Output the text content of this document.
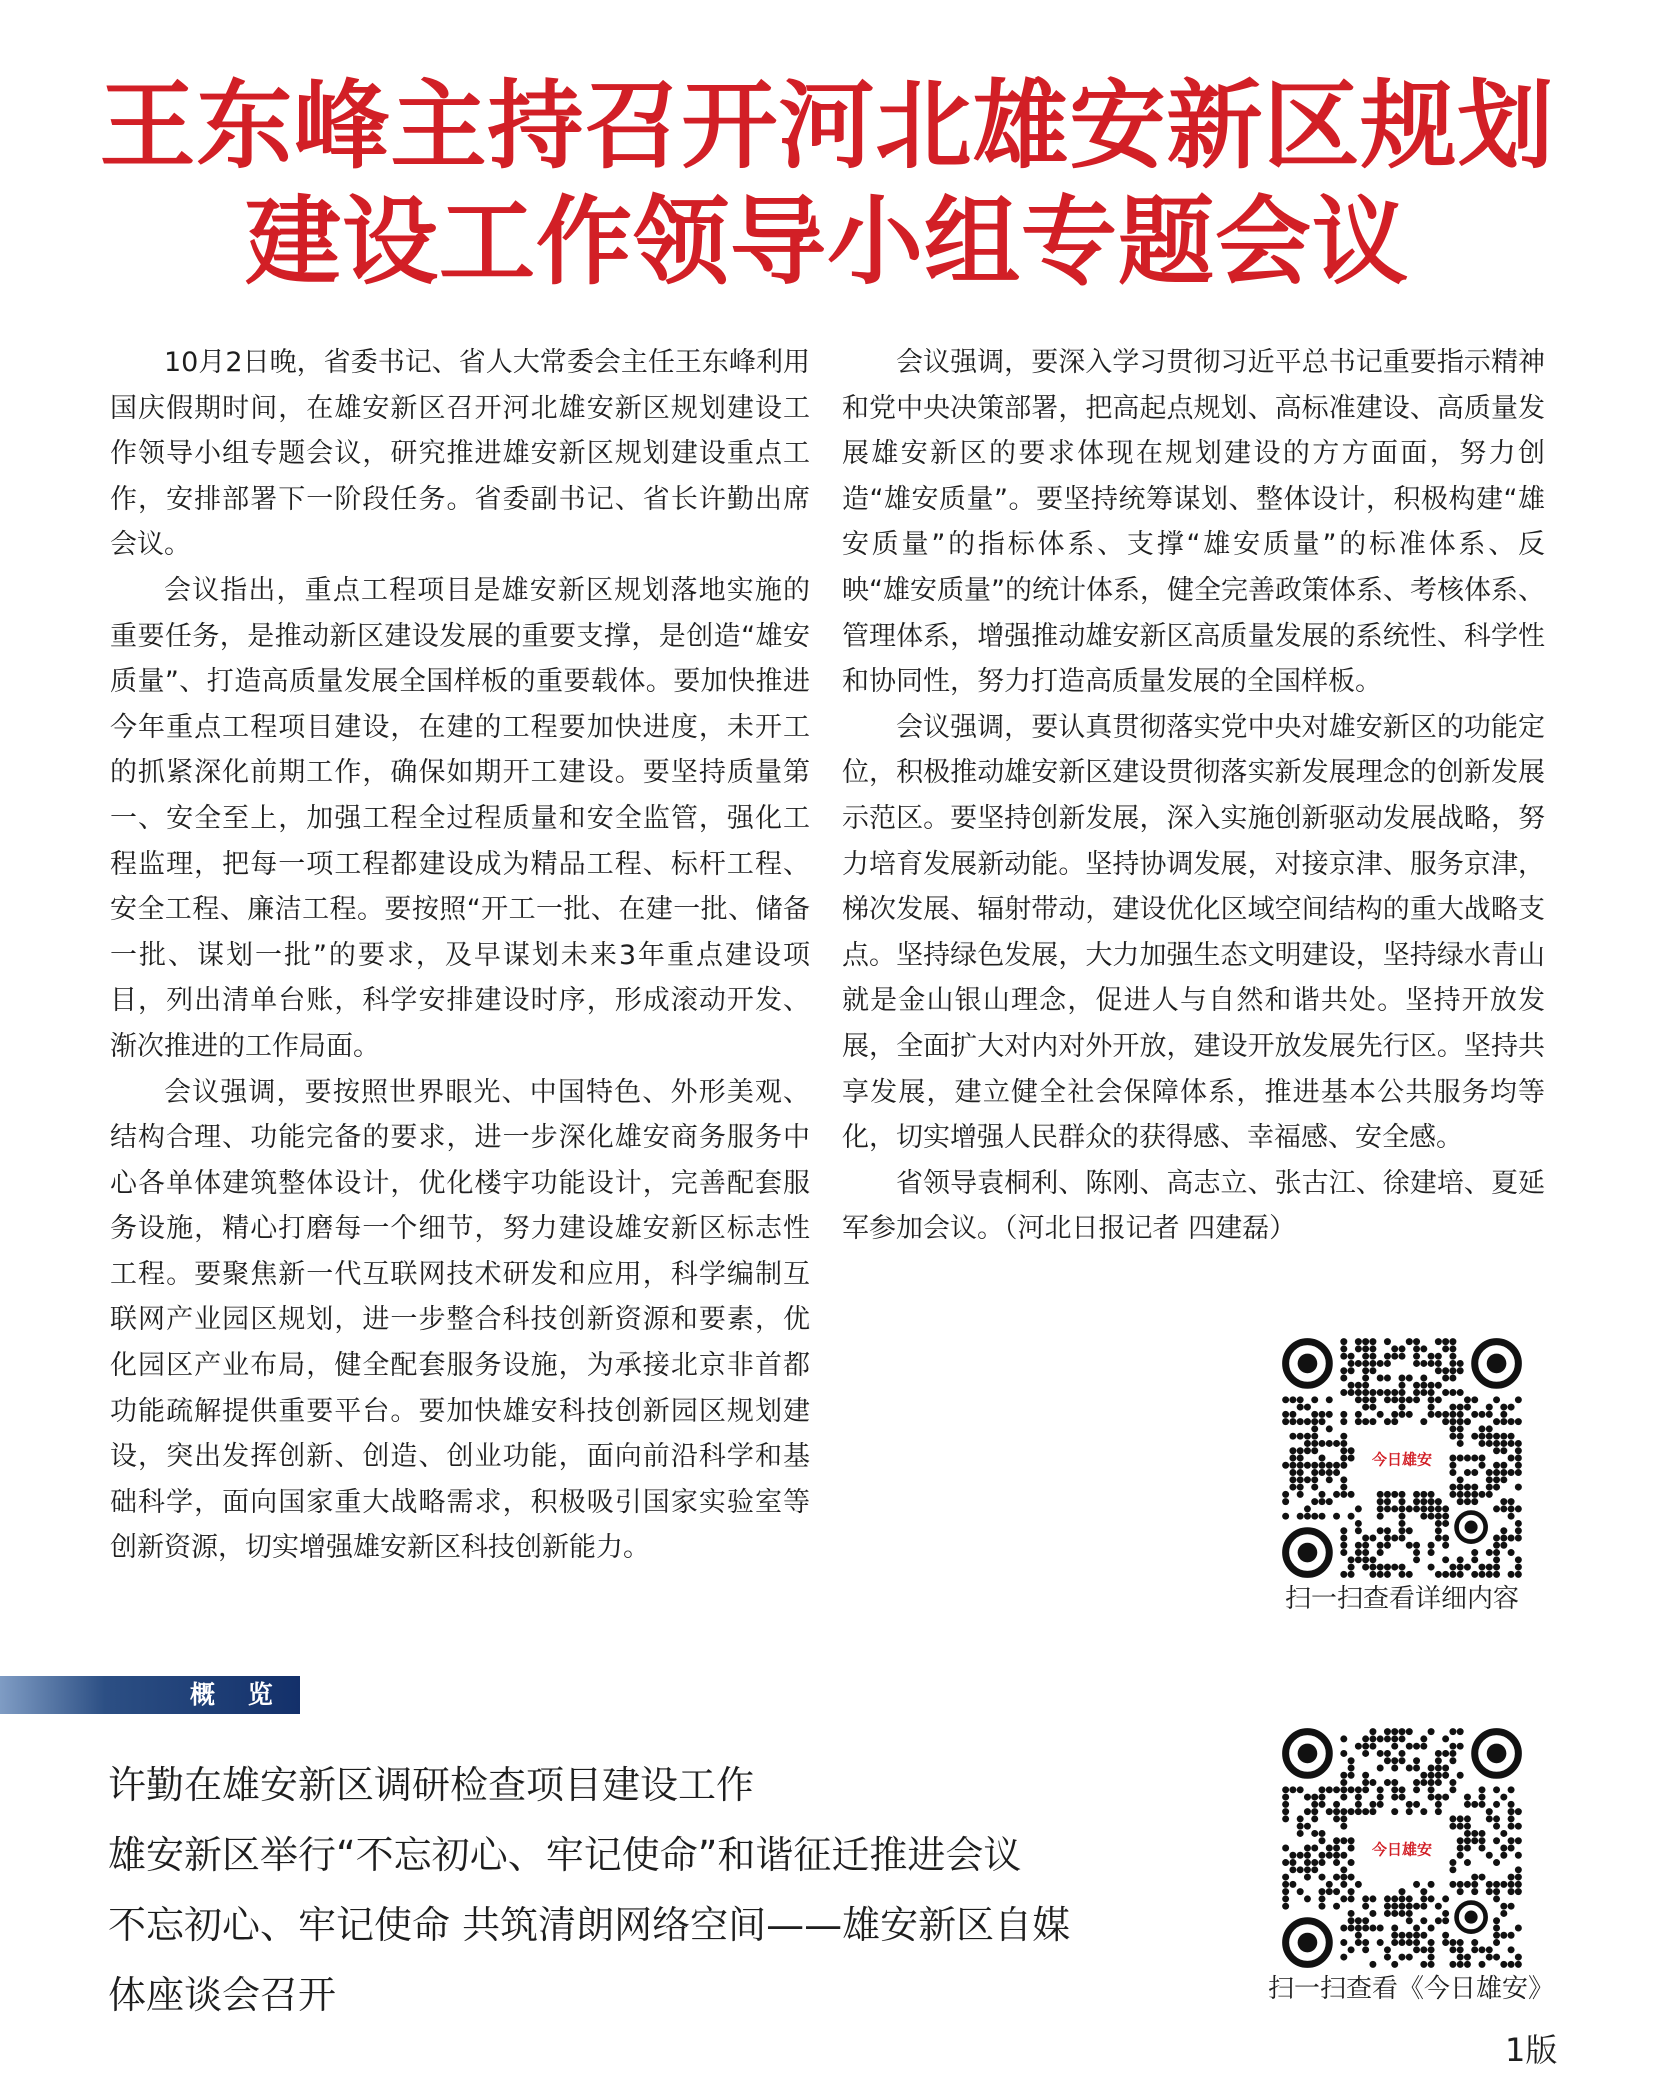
王东峰主持召开河北雄安新区规划
建设工作领导小组专题会议

10月2日晚，省委书记、省人大常委会主任王东峰利用国庆假期时间，在雄安新区召开河北雄安新区规划建设工作领导小组专题会议，研究推进雄安新区规划建设重点工作，安排部署下一阶段任务。省委副书记、省长许勤出席会议。

会议指出，重点工程项目是雄安新区规划落地实施的重要任务，是推动新区建设发展的重要支撑，是创造“雄安质量”、打造高质量发展全国样板的重要载体。要加快推进今年重点工程项目建设，在建的工程要加快进度，未开工的抓紧深化前期工作，确保如期开工建设。要坚持质量第一、安全至上，加强工程全过程质量和安全监管，强化工程监理，把每一项工程都建设成为精品工程、标杆工程、安全工程、廉洁工程。要按照“开工一批、在建一批、储备一批、谋划一批”的要求，及早谋划未来3年重点建设项目，列出清单台账，科学安排建设时序，形成滚动开发、渐次推进的工作局面。

会议强调，要按照世界眼光、中国特色、外形美观、结构合理、功能完备的要求，进一步深化雄安商务服务中心各单体建筑整体设计，优化楼宇功能设计，完善配套服务设施，精心打磨每一个细节，努力建设雄安新区标志性工程。要聚焦新一代互联网技术研发和应用，科学编制互联网产业园区规划，进一步整合科技创新资源和要素，优化园区产业布局，健全配套服务设施，为承接北京非首都功能疏解提供重要平台。要加快雄安科技创新园区规划建设，突出发挥创新、创造、创业功能，面向前沿科学和基础科学，面向国家重大战略需求，积极吸引国家实验室等创新资源，切实增强雄安新区科技创新能力。

会议强调，要深入学习贯彻习近平总书记重要指示精神和党中央决策部署，把高起点规划、高标准建设、高质量发展雄安新区的要求体现在规划建设的方方面面，努力创造“雄安质量”。要坚持统筹谋划、整体设计，积极构建“雄安质量”的指标体系、支撑“雄安质量”的标准体系、反映“雄安质量”的统计体系，健全完善政策体系、考核体系、管理体系，增强推动雄安新区高质量发展的系统性、科学性和协同性，努力打造高质量发展的全国样板。

会议强调，要认真贯彻落实党中央对雄安新区的功能定位，积极推动雄安新区建设贯彻落实新发展理念的创新发展示范区。要坚持创新发展，深入实施创新驱动发展战略，努力培育发展新动能。坚持协调发展，对接京津、服务京津，梯次发展、辐射带动，建设优化区域空间结构的重大战略支点。坚持绿色发展，大力加强生态文明建设，坚持绿水青山就是金山银山理念，促进人与自然和谐共处。坚持开放发展，全面扩大对内对外开放，建设开放发展先行区。坚持共享发展，建立健全社会保障体系，推进基本公共服务均等化，切实增强人民群众的获得感、幸福感、安全感。

省领导袁桐利、陈刚、高志立、张古江、徐建培、夏延军参加会议。（河北日报记者 四建磊）

今日雄安
扫一扫查看详细内容
今日雄安
扫一扫查看《今日雄安》
概 览

许勤在雄安新区调研检查项目建设工作

雄安新区举行“不忘初心、牢记使命”和谐征迁推进会议

不忘初心、牢记使命 共筑清朗网络空间——雄安新区自媒体座谈会召开

1版
